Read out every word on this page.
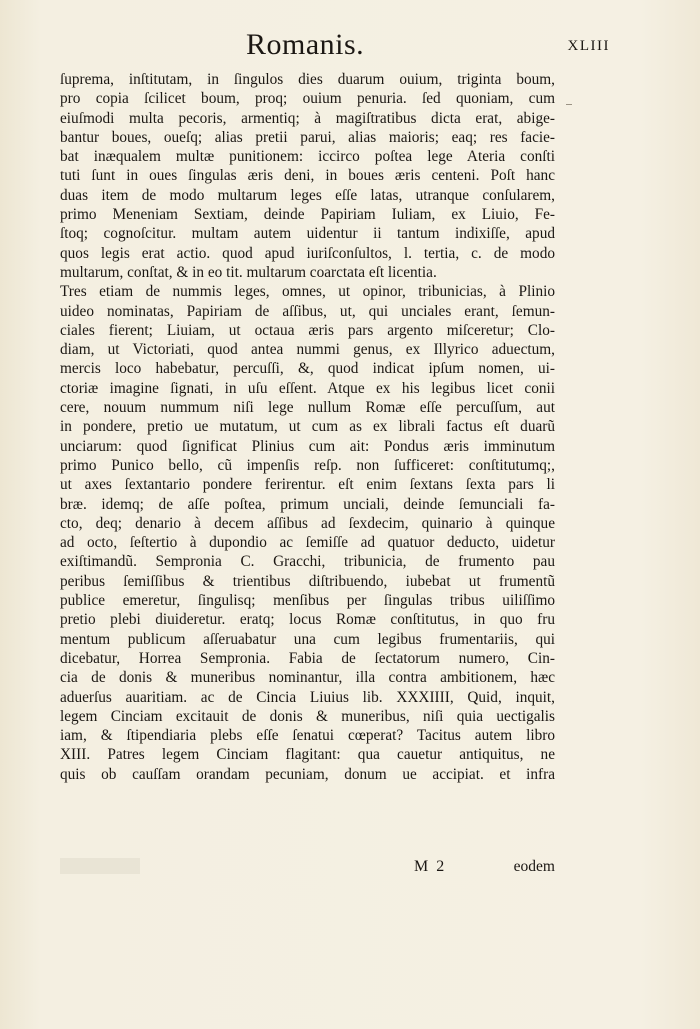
Romanis.	XLIII
ſuprema, inſtitutam, in ſingulos dies duarum ouium, triginta boum,
pro copia ſcilicet boum, proq; ouium penuria. ſed quoniam, cum
eiuſmodi multa pecoris, armentiq; à magiſtratibus dicta erat, abige-
bantur boues, oueſq; alias pretii parui, alias maioris; eaq; res facie-
bat inæqualem multæ punitionem: iccirco poſtea lege Ateria conſti
tuti ſunt in oues ſingulas æris deni, in boues æris centeni. Poſt hanc
duas item de modo multarum leges eſſe latas, utranque conſularem,
primo Meneniam Sextiam, deinde Papiriam Iuliam, ex Liuio, Fe-
ſtoq; cognoſcitur. multam autem uidentur ii tantum indixiſſe, apud
quos legis erat actio. quod apud iuriſconſultos, l. tertia, c. de modo
multarum, conſtat, & in eo tit. multarum coarctata eſt licentia.
Tres etiam de nummis leges, omnes, ut opinor, tribunicias, à Plinio
uideo nominatas, Papiriam de aſſibus, ut, qui unciales erant, ſemun-
ciales fierent; Liuiam, ut octaua æris pars argento miſceretur; Clo-
diam, ut Victoriati, quod antea nummi genus, ex Illyrico aduectum,
mercis loco habebatur, percuſſi, &, quod indicat ipſum nomen, ui-
ctoriæ imagine ſignati, in uſu eſſent. Atque ex his legibus licet conii
cere, nouum nummum niſi lege nullum Romæ eſſe percuſſum, aut
in pondere, pretio ue mutatum, ut cum as ex librali factus eſt duarũ
unciarum: quod ſignificat Plinius cum ait: Pondus æris imminutum
primo Punico bello, cũ impenſis reſp. non ſufficeret: conſtitutumq;,
ut axes ſextantario pondere ferirentur. eſt enim ſextans ſexta pars li
bræ. idemq; de aſſe poſtea, primum unciali, deinde ſemunciali fa-
cto, deq; denario à decem aſſibus ad ſexdecim, quinario à quinque
ad octo, ſeſtertio à dupondio ac ſemiſſe ad quatuor deducto, uidetur
exiſtimandũ. Sempronia C. Gracchi, tribunicia, de frumento pau
peribus ſemiſſibus & trientibus diſtribuendo, iubebat ut frumentũ
publice emeretur, ſingulisq; menſibus per ſingulas tribus uiliſſimo
pretio plebi diuideretur. eratq; locus Romæ conſtitutus, in quo fru
mentum publicum aſſeruabatur una cum legibus frumentariis, qui
dicebatur, Horrea Sempronia. Fabia de ſectatorum numero, Cin-
cia de donis & muneribus nominantur, illa contra ambitionem, hæc
aduerſus auaritiam. ac de Cincia Liuius lib. XXXIIII, Quid, inquit,
legem Cinciam excitauit de donis & muneribus, niſi quia uectigalis
iam, & ſtipendiaria plebs eſſe ſenatui cœperat? Tacitus autem libro
XIII. Patres legem Cinciam flagitant: qua cauetur antiquitus, ne
quis ob cauſſam orandam pecuniam, donum ue accipiat. et infra
M 2	eodem
